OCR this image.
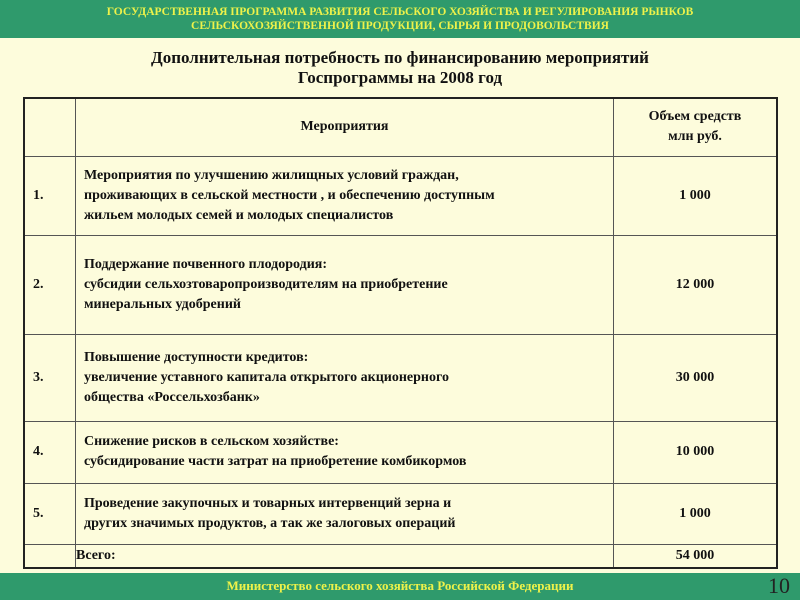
ГОСУДАРСТВЕННАЯ ПРОГРАММА РАЗВИТИЯ СЕЛЬСКОГО ХОЗЯЙСТВА И РЕГУЛИРОВАНИЯ РЫНКОВ
СЕЛЬСКОХОЗЯЙСТВЕННОЙ ПРОДУКЦИИ, СЫРЬЯ И ПРОДОВОЛЬСТВИЯ
Дополнительная потребность по финансированию мероприятий
Госпрограммы на 2008 год
	Мероприятия	Объем средств
млн руб.

1.	Мероприятия по улучшению жилищных условий граждан,
проживающих в сельской местности , и обеспечению доступным
жильем молодых семей и молодых специалистов	1 000
2.	Поддержание почвенного плодородия:
субсидии сельхозтоваропроизводителям на приобретение
минеральных удобрений	12 000
3.	Повышение доступности кредитов:
увеличение уставного капитала открытого акционерного
общества «Россельхозбанк»	30 000
4.	Снижение рисков в сельском хозяйстве:
субсидирование части затрат на приобретение комбикормов	10 000
5.	Проведение закупочных и товарных интервенций зерна и
других значимых продуктов, а так же залоговых операций	1 000
	Всего:	54 000
Министерство сельского хозяйства Российской Федерации	10
